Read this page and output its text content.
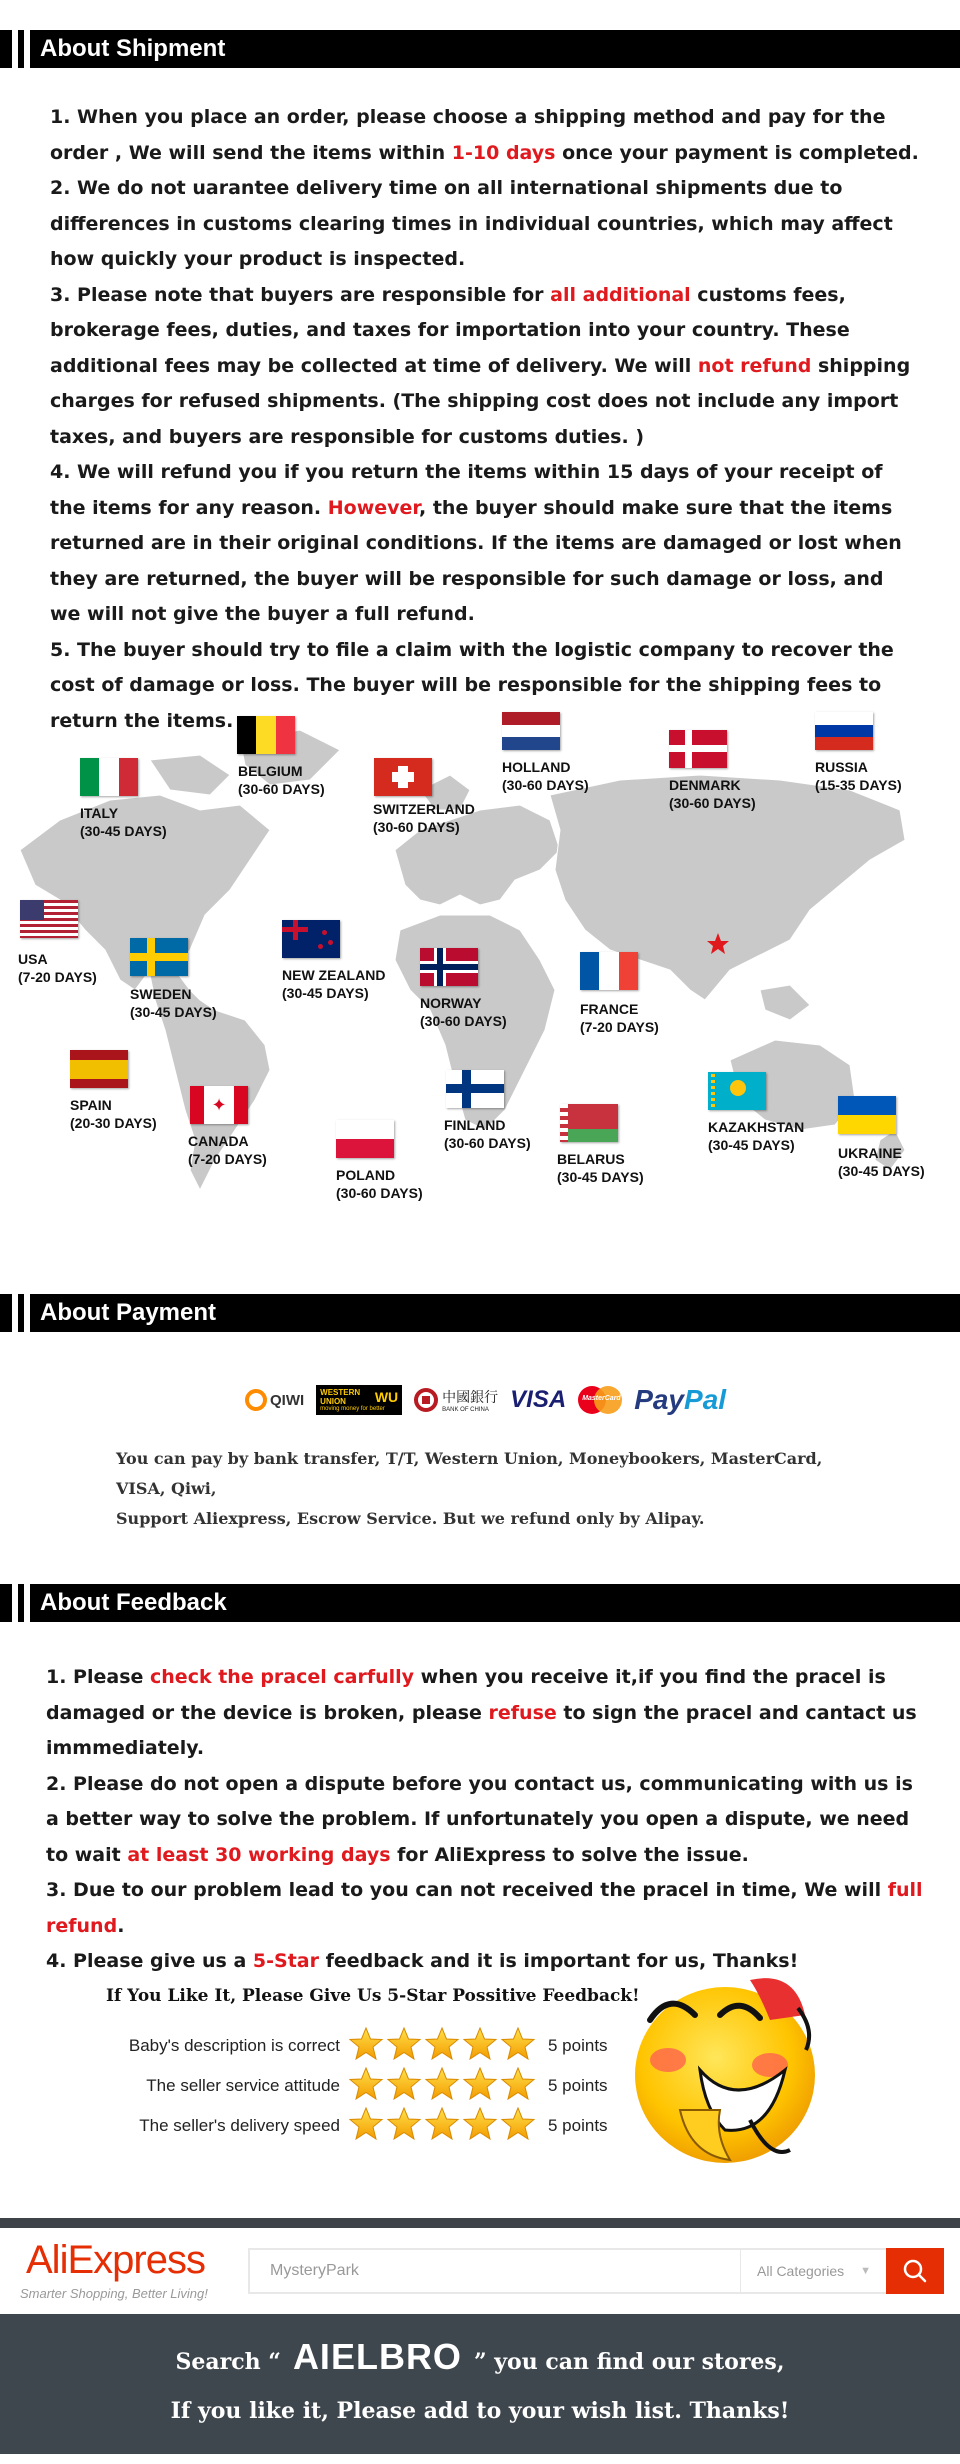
About Shipment
1. When you place an order, please choose a shipping method and pay for the order , We will send the items within 1-10 days once your payment is completed.
2. We do not uarantee delivery time on all international shipments due to differences in customs clearing times in individual countries, which may affect how quickly your product is inspected.
3. Please note that buyers are responsible for all additional customs fees, brokerage fees, duties, and taxes for importation into your country. These additional fees may be collected at time of delivery. We will not refund shipping charges for refused shipments. (The shipping cost does not include any import taxes, and buyers are responsible for customs duties. )
4. We will refund you if you return the items within 15 days of your receipt of the items for any reason. However, the buyer should make sure that the items returned are in their original conditions. If the items are damaged or lost when they are returned, the buyer will be responsible for such damage or loss, and we will not give the buyer a full refund.
5. The buyer should try to file a claim with the logistic company to recover the cost of damage or loss. The buyer will be responsible for the shipping fees to return the items.
ITALY
(30-45 DAYS)
BELGIUM
(30-60 DAYS)
SWITZERLAND
(30-60 DAYS)
HOLLAND
(30-60 DAYS)	DENMARK
(30-60 DAYS)
RUSSIA
(15-35 DAYS)
USA
(7-20 DAYS)
SWEDEN
(30-45 DAYS)
NEW ZEALAND
(30-45 DAYS)
NORWAY
(30-60 DAYS)
FRANCE
(7-20 DAYS)
SPAIN
(20-30 DAYS)
✦
CANADA
(7-20 DAYS)
POLAND
(30-60 DAYS)
FINLAND
(30-60 DAYS)
BELARUS
(30-45 DAYS)
KAZAKHSTAN
(30-45 DAYS)	UKRAINE
(30-45 DAYS)
About Payment
QIWI WESTERN UNION	WU
moving money for better
中國銀行
BANK OF CHINA VISA MasterCard PayPal
You can pay by bank transfer, T/T, Western Union, Moneybookers, MasterCard, VISA, Qiwi,
Support Aliexpress, Escrow Service. But we refund only by Alipay.
About Feedback
1. Please check the pracel carfully when you receive it,if you find the pracel is damaged or the device is broken, please refuse to sign the pracel and cantact us immmediately.
2. Please do not open a dispute before you contact us, communicating with us is a better way to solve the problem. If unfortunately you open a dispute, we need to wait at least 30 working days for AliExpress to solve the issue.
3. Due to our problem lead to you can not received the pracel in time, We will full refund.
4. Please give us a 5-Star feedback and it is important for us, Thanks!
If You Like It, Please Give Us 5-Star Possitive Feedback!
Baby's description is correct	5 points
The seller service attitude	5 points
The seller's delivery speed	5 points
AliExpress
Smarter Shopping, Better Living!
MysteryPark	All Categories ▼
Search “ AIELBRO ” you can find our stores,
If you like it, Please add to your wish list. Thanks!
